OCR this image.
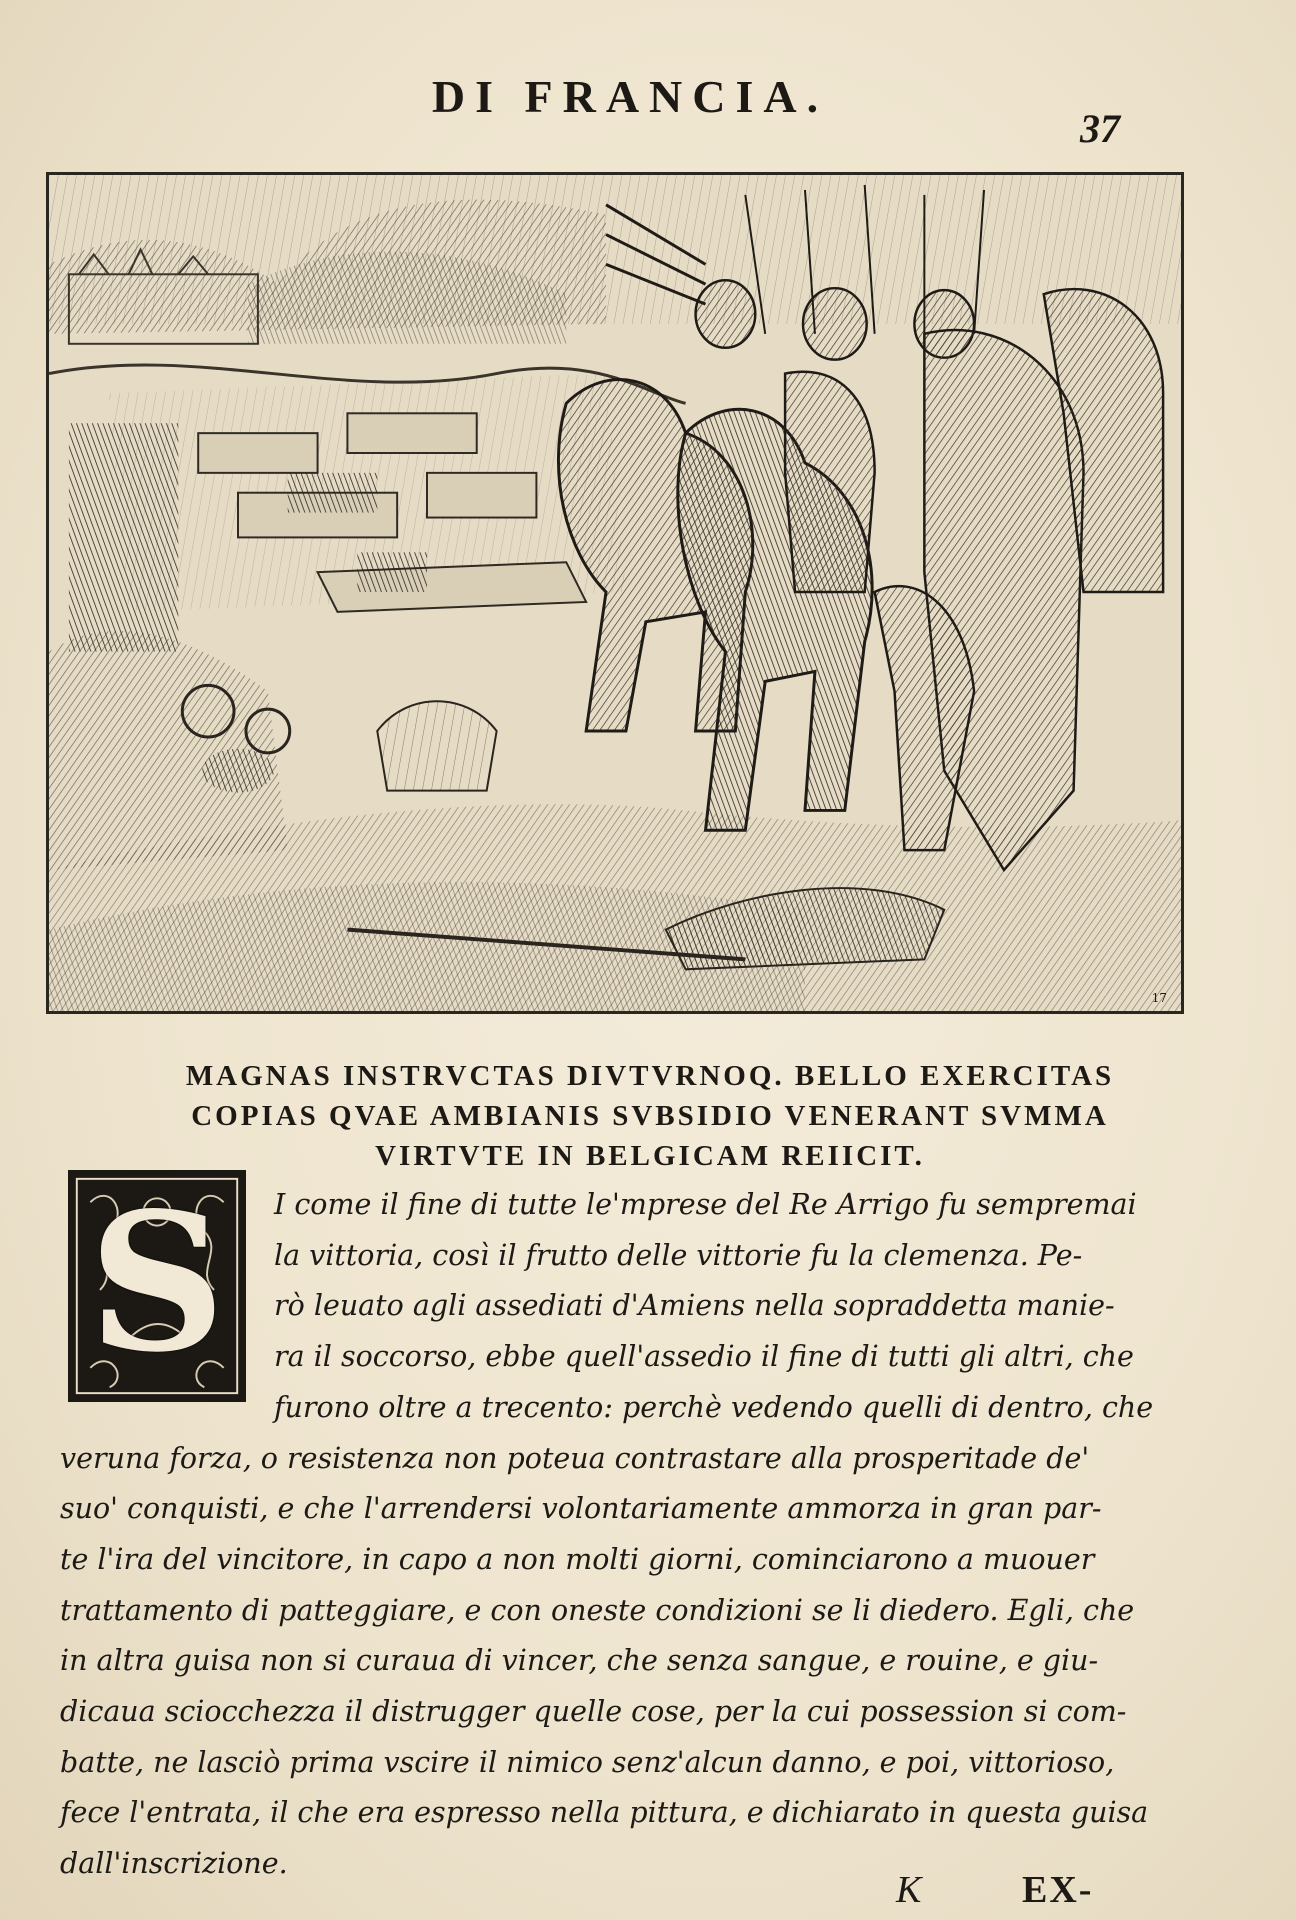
DI FRANCIA.
37
17
MAGNAS INSTRVCTAS DIVTVRNOQ. BELLO EXERCITAS
COPIAS QVAE AMBIANIS SVBSIDIO VENERANT SVMMA
VIRTVTE IN BELGICAM REIICIT.
S	I come il fine di tutte le'mprese del Re Arrigo fu sempremai
la vittoria, così il frutto delle vittorie fu la clemenza. Pe-
rò leuato agli assediati d'Amiens nella sopraddetta manie-
ra il soccorso, ebbe quell'assedio il fine di tutti gli altri, che
furono oltre a trecento: perchè vedendo quelli di dentro, che
veruna forza, o resistenza non poteua contrastare alla prosperitade de'
suo' conquisti, e che l'arrendersi volontariamente ammorza in gran par-
te l'ira del vincitore, in capo a non molti giorni, cominciarono a muouer
trattamento di patteggiare, e con oneste condizioni se li diedero. Egli, che
in altra guisa non si curaua di vincer, che senza sangue, e rouine, e giu-
dicaua sciocchezza il distrugger quelle cose, per la cui possession si com-
batte, ne lasciò prima vscire il nimico senz'alcun danno, e poi, vittorioso,
fece l'entrata, il che era espresso nella pittura, e dichiarato in questa guisa
dall'inscrizione.
K	EX-
